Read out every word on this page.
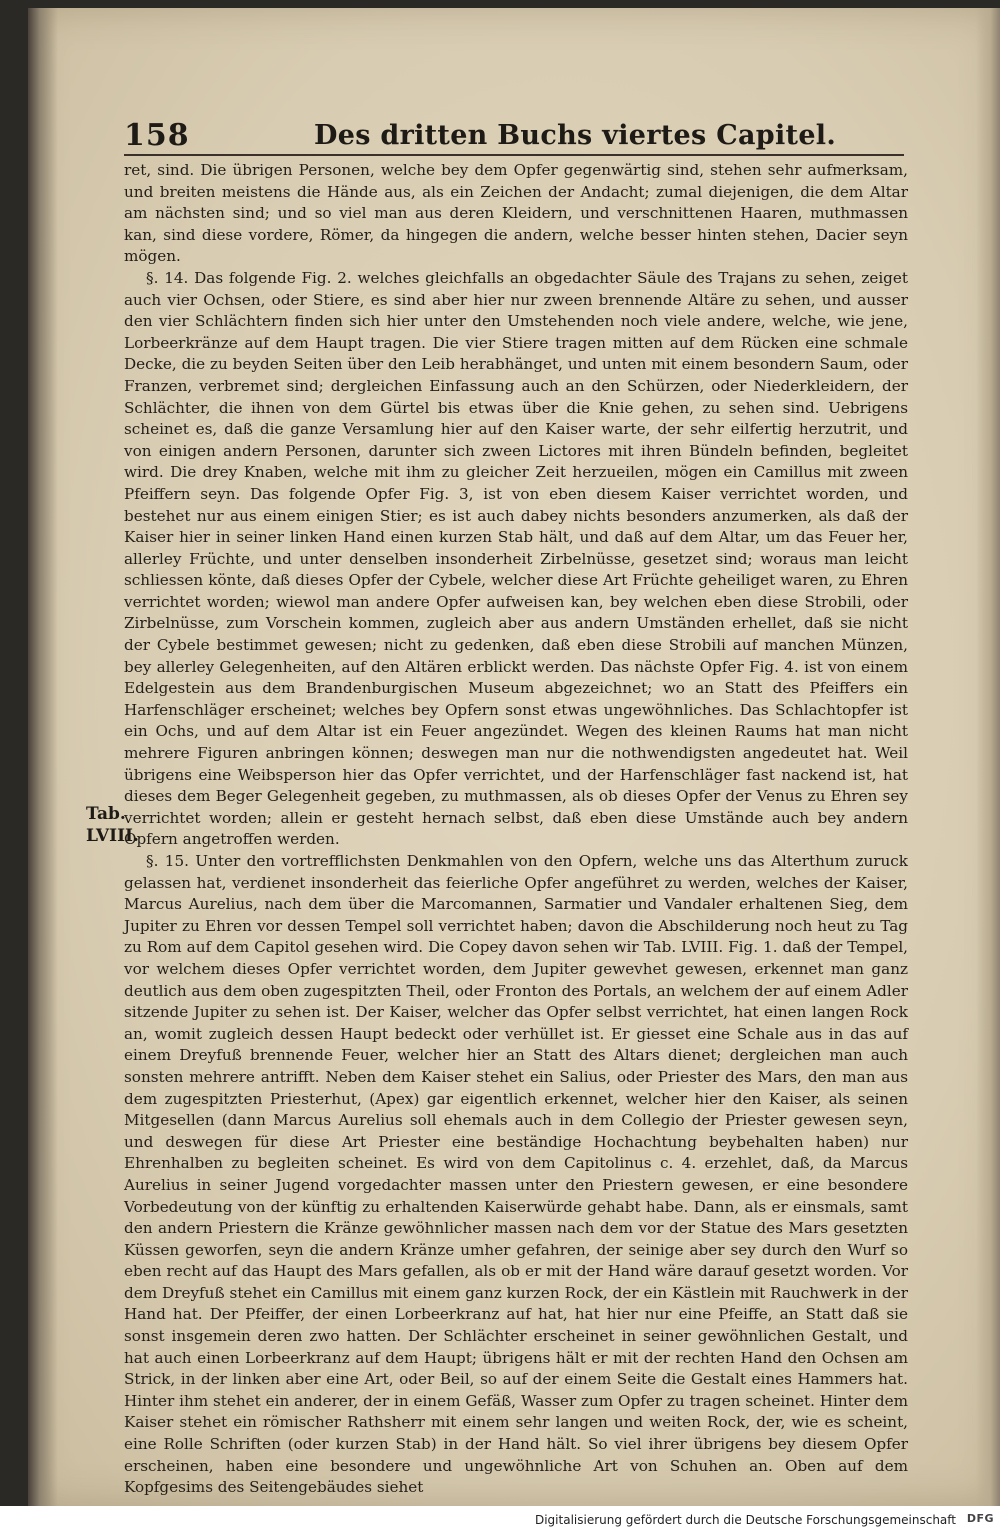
158	Des dritten Buchs viertes Capitel.
Tab.
LVIII.

ret, sind. Die übrigen Personen, welche bey dem Opfer gegenwärtig sind, stehen sehr aufmerksam, und breiten meistens die Hände aus, als ein Zeichen der Andacht; zumal diejenigen, die dem Altar am nächsten sind; und so viel man aus deren Kleidern, und verschnittenen Haaren, muthmassen kan, sind diese vordere, Römer, da hingegen die andern, welche besser hinten stehen, Dacier seyn mögen.

§. 14. Das folgende Fig. 2. welches gleichfalls an obgedachter Säule des Trajans zu sehen, zeiget auch vier Ochsen, oder Stiere, es sind aber hier nur zween brennende Altäre zu sehen, und ausser den vier Schlächtern finden sich hier unter den Umstehenden noch viele andere, welche, wie jene, Lorbeerkränze auf dem Haupt tragen. Die vier Stiere tragen mitten auf dem Rücken eine schmale Decke, die zu beyden Seiten über den Leib herabhänget, und unten mit einem besondern Saum, oder Franzen, verbremet sind; dergleichen Einfassung auch an den Schürzen, oder Niederkleidern, der Schlächter, die ihnen von dem Gürtel bis etwas über die Knie gehen, zu sehen sind. Uebrigens scheinet es, daß die ganze Versamlung hier auf den Kaiser warte, der sehr eilfertig herzutrit, und von einigen andern Personen, darunter sich zween Lictores mit ihren Bündeln befinden, begleitet wird. Die drey Knaben, welche mit ihm zu gleicher Zeit herzueilen, mögen ein Camillus mit zween Pfeiffern seyn. Das folgende Opfer Fig. 3, ist von eben diesem Kaiser verrichtet worden, und bestehet nur aus einem einigen Stier; es ist auch dabey nichts besonders anzumerken, als daß der Kaiser hier in seiner linken Hand einen kurzen Stab hält, und daß auf dem Altar, um das Feuer her, allerley Früchte, und unter denselben insonderheit Zirbelnüsse, gesetzet sind; woraus man leicht schliessen könte, daß dieses Opfer der Cybele, welcher diese Art Früchte geheiliget waren, zu Ehren verrichtet worden; wiewol man andere Opfer aufweisen kan, bey welchen eben diese Strobili, oder Zirbelnüsse, zum Vorschein kommen, zugleich aber aus andern Umständen erhellet, daß sie nicht der Cybele bestimmet gewesen; nicht zu gedenken, daß eben diese Strobili auf manchen Münzen, bey allerley Gelegenheiten, auf den Altären erblickt werden. Das nächste Opfer Fig. 4. ist von einem Edelgestein aus dem Brandenburgischen Museum abgezeichnet; wo an Statt des Pfeiffers ein Harfenschläger erscheinet; welches bey Opfern sonst etwas ungewöhnliches. Das Schlachtopfer ist ein Ochs, und auf dem Altar ist ein Feuer angezündet. Wegen des kleinen Raums hat man nicht mehrere Figuren anbringen können; deswegen man nur die nothwendigsten angedeutet hat. Weil übrigens eine Weibsperson hier das Opfer verrichtet, und der Harfenschläger fast nackend ist, hat dieses dem Beger Gelegenheit gegeben, zu muthmassen, als ob dieses Opfer der Venus zu Ehren sey verrichtet worden; allein er gesteht hernach selbst, daß eben diese Umstände auch bey andern Opfern angetroffen werden.

§. 15. Unter den vortrefflichsten Denkmahlen von den Opfern, welche uns das Alterthum zuruck gelassen hat, verdienet insonderheit das feierliche Opfer angeführet zu werden, welches der Kaiser, Marcus Aurelius, nach dem über die Marcomannen, Sarmatier und Vandaler erhaltenen Sieg, dem Jupiter zu Ehren vor dessen Tempel soll verrichtet haben; davon die Abschilderung noch heut zu Tag zu Rom auf dem Capitol gesehen wird. Die Copey davon sehen wir Tab. LVIII. Fig. 1. daß der Tempel, vor welchem dieses Opfer verrichtet worden, dem Jupiter gewevhet gewesen, erkennet man ganz deutlich aus dem oben zugespitzten Theil, oder Fronton des Portals, an welchem der auf einem Adler sitzende Jupiter zu sehen ist. Der Kaiser, welcher das Opfer selbst verrichtet, hat einen langen Rock an, womit zugleich dessen Haupt bedeckt oder verhüllet ist. Er giesset eine Schale aus in das auf einem Dreyfuß brennende Feuer, welcher hier an Statt des Altars dienet; dergleichen man auch sonsten mehrere antrifft. Neben dem Kaiser stehet ein Salius, oder Priester des Mars, den man aus dem zugespitzten Priesterhut, (Apex) gar eigentlich erkennet, welcher hier den Kaiser, als seinen Mitgesellen (dann Marcus Aurelius soll ehemals auch in dem Collegio der Priester gewesen seyn, und deswegen für diese Art Priester eine beständige Hochachtung beybehalten haben) nur Ehrenhalben zu begleiten scheinet. Es wird von dem Capitolinus c. 4. erzehlet, daß, da Marcus Aurelius in seiner Jugend vorgedachter massen unter den Priestern gewesen, er eine besondere Vorbedeutung von der künftig zu erhaltenden Kaiserwürde gehabt habe. Dann, als er einsmals, samt den andern Priestern die Kränze gewöhnlicher massen nach dem vor der Statue des Mars gesetzten Küssen geworfen, seyn die andern Kränze umher gefahren, der seinige aber sey durch den Wurf so eben recht auf das Haupt des Mars gefallen, als ob er mit der Hand wäre darauf gesetzt worden. Vor dem Dreyfuß stehet ein Camillus mit einem ganz kurzen Rock, der ein Kästlein mit Rauchwerk in der Hand hat. Der Pfeiffer, der einen Lorbeerkranz auf hat, hat hier nur eine Pfeiffe, an Statt daß sie sonst insgemein deren zwo hatten. Der Schlächter erscheinet in seiner gewöhnlichen Gestalt, und hat auch einen Lorbeerkranz auf dem Haupt; übrigens hält er mit der rechten Hand den Ochsen am Strick, in der linken aber eine Art, oder Beil, so auf der einem Seite die Gestalt eines Hammers hat. Hinter ihm stehet ein anderer, der in einem Gefäß, Wasser zum Opfer zu tragen scheinet. Hinter dem Kaiser stehet ein römischer Rathsherr mit einem sehr langen und weiten Rock, der, wie es scheint, eine Rolle Schriften (oder kurzen Stab) in der Hand hält. So viel ihrer übrigens bey diesem Opfer erscheinen, haben eine besondere und ungewöhnliche Art von Schuhen an. Oben auf dem Kopfgesims des Seitengebäudes siehet

Digitalisierung gefördert durch die Deutsche Forschungsgemeinschaft DFG
